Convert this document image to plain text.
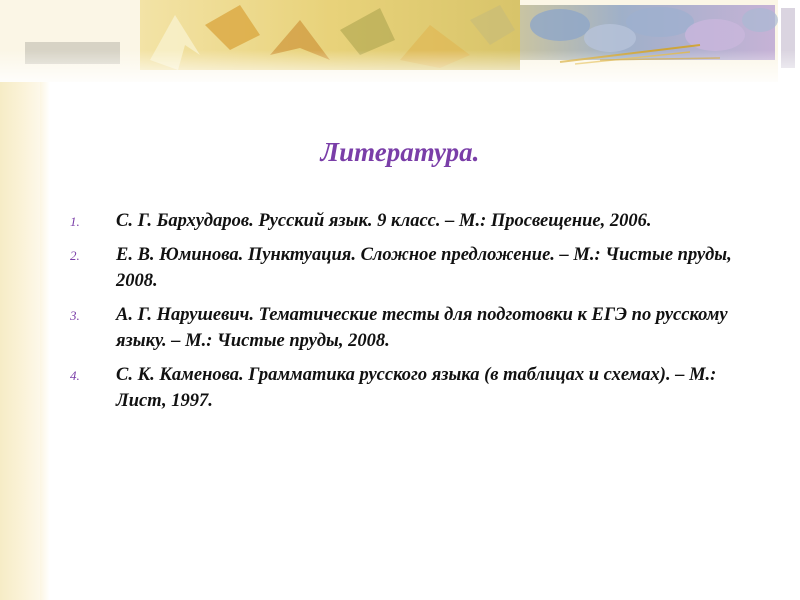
Литература.
1. С. Г. Бархударов. Русский язык. 9 класс. – М.: Просвещение, 2006.
2. Е. В. Юминова. Пунктуация. Сложное предложение. – М.: Чистые пруды, 2008.
3. А. Г. Нарушевич. Тематические тесты для подготовки к ЕГЭ по русскому языку. – М.: Чистые пруды, 2008.
4. С. К. Каменова. Грамматика русского языка (в таблицах и схемах). – М.: Лист, 1997.
